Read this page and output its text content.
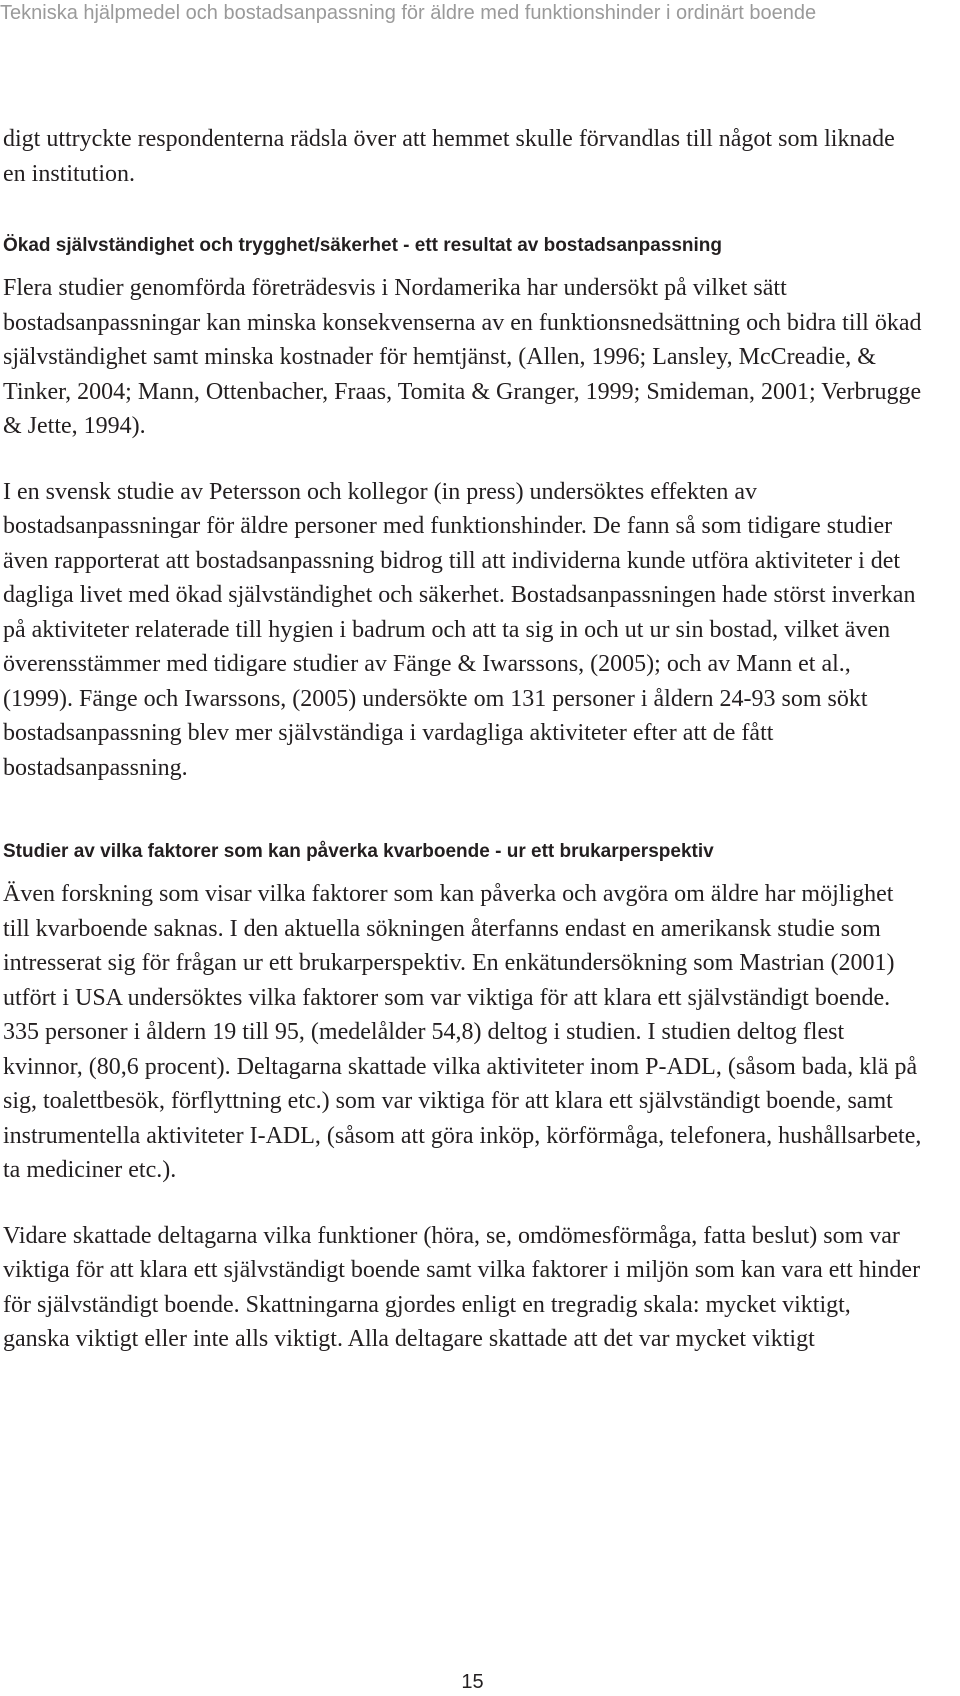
Tekniska hjälpmedel och bostadsanpassning för äldre med funktionshinder i ordinärt boende

digt uttryckte respondenterna rädsla över att hemmet skulle förvandlas till något som liknade en institution.

Ökad självständighet och trygghet/säkerhet - ett resultat av bostadsanpassning

Flera studier genomförda företrädesvis i Nordamerika har undersökt på vilket sätt bostadsanpassningar kan minska konsekvenserna av en funktionsnedsättning och bidra till ökad självständighet samt minska kostnader för hemtjänst, (Allen, 1996; Lansley, McCreadie, & Tinker, 2004; Mann, Ottenbacher, Fraas, Tomita & Granger, 1999; Smideman, 2001; Verbrugge & Jette, 1994).

I en svensk studie av Petersson och kollegor (in press) undersöktes effekten av bostadsanpassningar för äldre personer med funktionshinder. De fann så som tidigare studier även rapporterat att bostadsanpassning bidrog till att individerna kunde utföra aktiviteter i det dagliga livet med ökad självständighet och säkerhet. Bostadsanpassningen hade störst inverkan på aktiviteter relaterade till hygien i badrum och att ta sig in och ut ur sin bostad, vilket även överensstämmer med tidigare studier av Fänge & Iwarssons, (2005); och av Mann et al., (1999). Fänge och Iwarssons, (2005) undersökte om 131 personer i åldern 24-93 som sökt bostadsanpassning blev mer självständiga i vardagliga aktiviteter efter att de fått bostadsanpassning.

Studier av vilka faktorer som kan påverka kvarboende - ur ett brukarperspektiv

Även forskning som visar vilka faktorer som kan påverka och avgöra om äldre har möjlighet till kvarboende saknas. I den aktuella sökningen återfanns endast en amerikansk studie som intresserat sig för frågan ur ett brukarperspektiv. En enkätundersökning som Mastrian (2001) utfört i USA undersöktes vilka faktorer som var viktiga för att klara ett självständigt boende. 335 personer i åldern 19 till 95, (medelålder 54,8) deltog i studien. I studien deltog flest kvinnor, (80,6 procent). Deltagarna skattade vilka aktiviteter inom P-ADL, (såsom bada, klä på sig, toalettbesök, förflyttning etc.) som var viktiga för att klara ett självständigt boende, samt instrumentella aktiviteter I-ADL, (såsom att göra inköp, körförmåga, telefonera, hushållsarbete, ta mediciner etc.).

Vidare skattade deltagarna vilka funktioner (höra, se, omdömesförmåga, fatta beslut) som var viktiga för att klara ett självständigt boende samt vilka faktorer i miljön som kan vara ett hinder för självständigt boende. Skattningarna gjordes enligt en tregradig skala: mycket viktigt, ganska viktigt eller inte alls viktigt. Alla deltagare skattade att det var mycket viktigt

15
